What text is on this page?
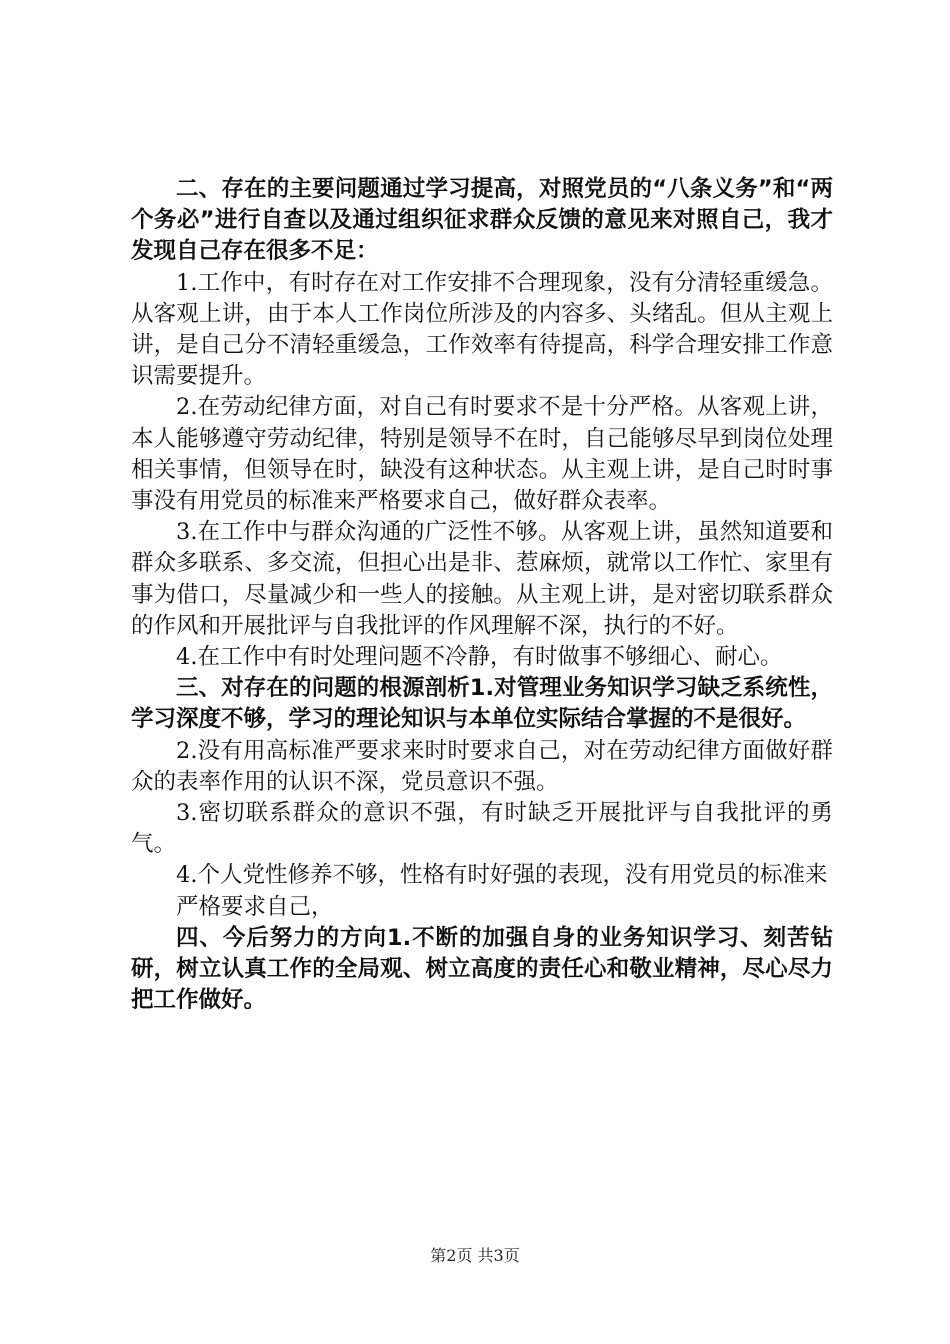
二、存在的主要问题通过学习提高，对照党员的“八条义务”和“两个务必”进行自查以及通过组织征求群众反馈的意见来对照自己，我才发现自己存在很多不足：

1.工作中，有时存在对工作安排不合理现象，没有分清轻重缓急。从客观上讲，由于本人工作岗位所涉及的内容多、头绪乱。但从主观上讲，是自己分不清轻重缓急，工作效率有待提高，科学合理安排工作意识需要提升。

2.在劳动纪律方面，对自己有时要求不是十分严格。从客观上讲，本人能够遵守劳动纪律，特别是领导不在时，自己能够尽早到岗位处理相关事情，但领导在时，缺没有这种状态。从主观上讲，是自己时时事事没有用党员的标准来严格要求自己，做好群众表率。

3.在工作中与群众沟通的广泛性不够。从客观上讲，虽然知道要和群众多联系、多交流，但担心出是非、惹麻烦，就常以工作忙、家里有事为借口，尽量减少和一些人的接触。从主观上讲，是对密切联系群众的作风和开展批评与自我批评的作风理解不深，执行的不好。

4.在工作中有时处理问题不冷静，有时做事不够细心、耐心。

三、对存在的问题的根源剖析1.对管理业务知识学习缺乏系统性，学习深度不够，学习的理论知识与本单位实际结合掌握的不是很好。

2.没有用高标准严要求来时时要求自己，对在劳动纪律方面做好群众的表率作用的认识不深，党员意识不强。

3.密切联系群众的意识不强，有时缺乏开展批评与自我批评的勇气。

4.个人党性修养不够，性格有时好强的表现，没有用党员的标准来

严格要求自己，

四、今后努力的方向1.不断的加强自身的业务知识学习、刻苦钻研，树立认真工作的全局观、树立高度的责任心和敬业精神，尽心尽力把工作做好。

第2页 共3页
